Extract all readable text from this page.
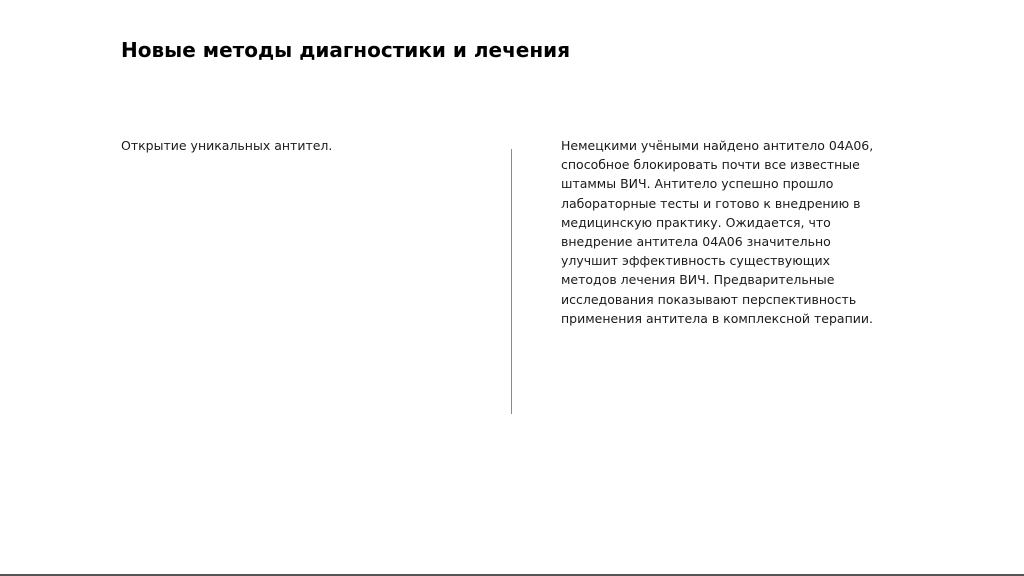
Новые методы диагностики и лечения

Открытие уникальных антител.	Немецкими учёными найдено антитело 04A06,
способное блокировать почти все известные
штаммы ВИЧ. Антитело успешно прошло
лабораторные тесты и готово к внедрению в
медицинскую практику. Ожидается, что
внедрение антитела 04A06 значительно
улучшит эффективность существующих
методов лечения ВИЧ. Предварительные
исследования показывают перспективность
применения антитела в комплексной терапии.
